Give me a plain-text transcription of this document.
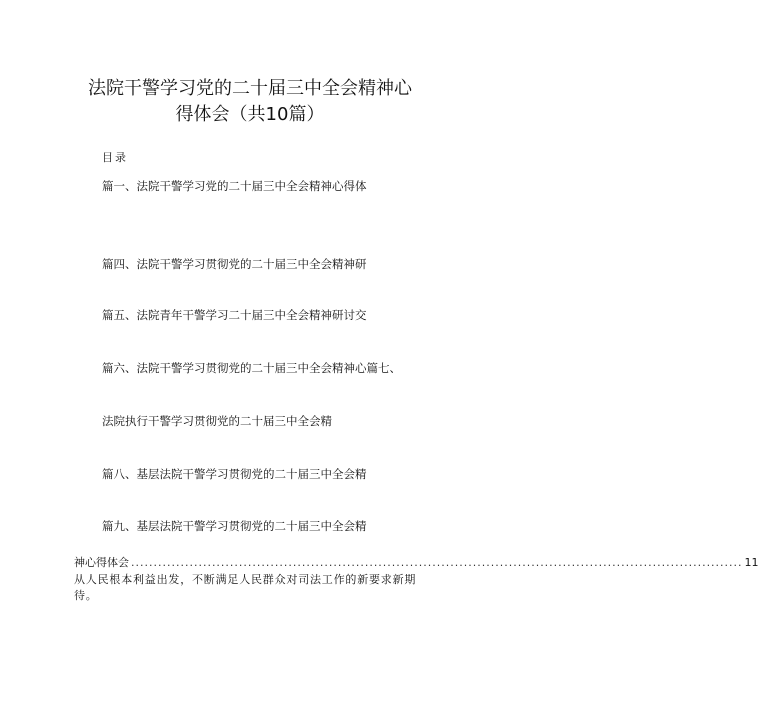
法院干警学习党的二十届三中全会精神心
得体会（共10篇）
目录
篇一、法院干警学习党的二十届三中全会精神心得体
篇四、法院干警学习贯彻党的二十届三中全会精神研
篇五、法院青年干警学习二十届三中全会精神研讨交
篇六、法院干警学习贯彻党的二十届三中全会精神心篇七、
法院执行干警学习贯彻党的二十届三中全会精
篇八、基层法院干警学习贯彻党的二十届三中全会精
篇九、基层法院干警学习贯彻党的二十届三中全会精
神心得体会 ........................................................................................................................................ 11
从人民根本利益出发，不断满足人民群众对司法工作的新要求新期待。
